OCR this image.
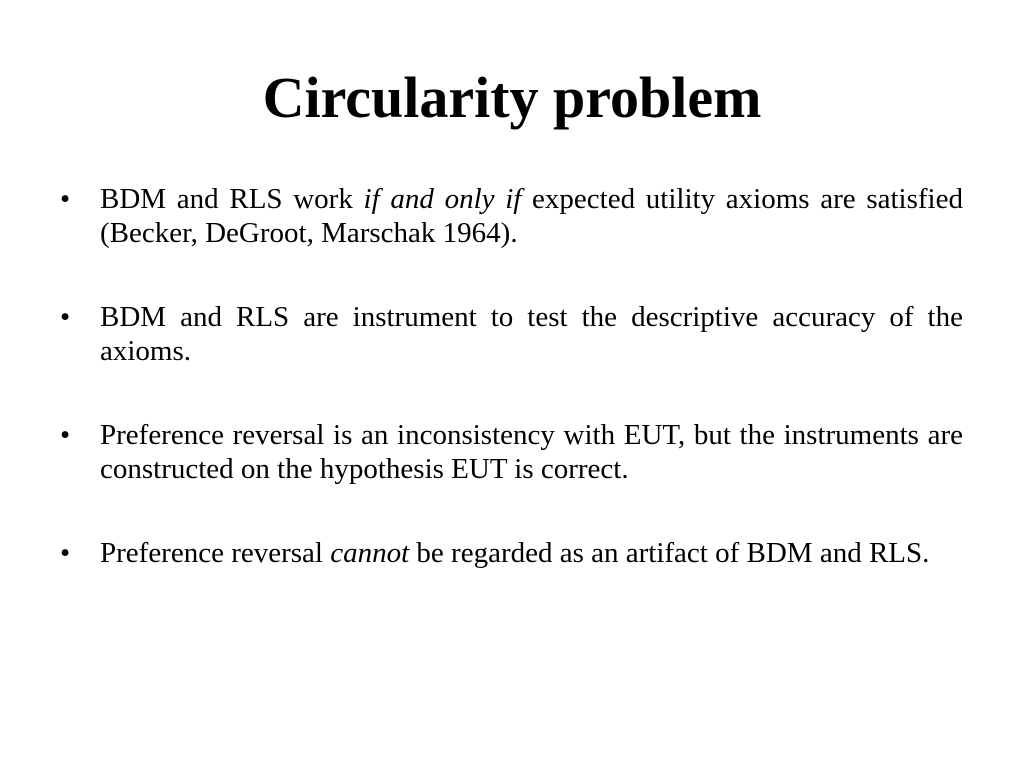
Circularity problem
•	BDM and RLS work if and only if expected utility axioms are satisfied (Becker, DeGroot, Marschak 1964).
•	BDM and RLS are instrument to test the descriptive accuracy of the axioms.
•	Preference reversal is an inconsistency with EUT, but the instruments are constructed on the hypothesis EUT is correct.
•	Preference reversal cannot be regarded as an artifact of BDM and RLS.
